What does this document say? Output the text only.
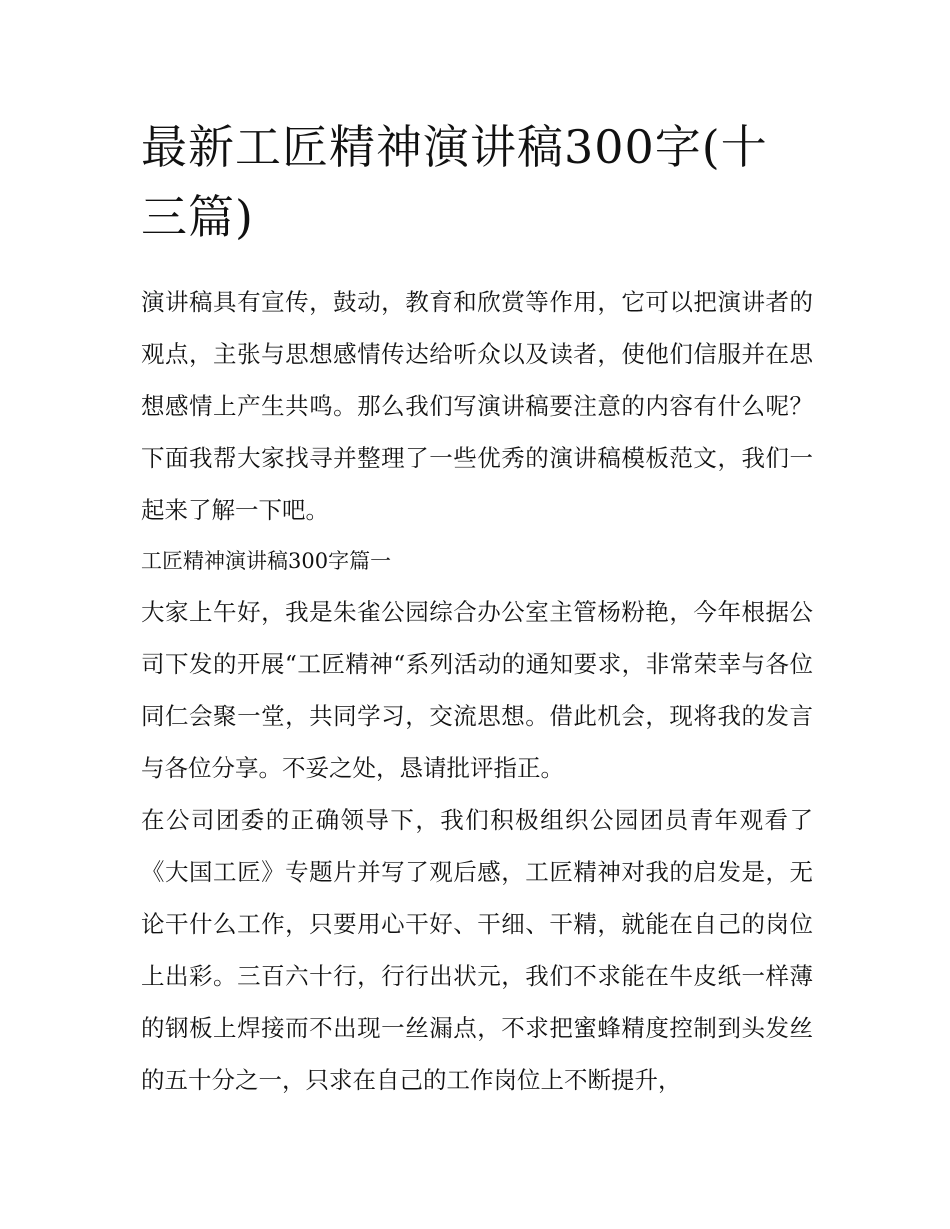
最新工匠精神演讲稿300字(十三篇)

演讲稿具有宣传，鼓动，教育和欣赏等作用，它可以把演讲者的观点，主张与思想感情传达给听众以及读者，使他们信服并在思想感情上产生共鸣。那么我们写演讲稿要注意的内容有什么呢？下面我帮大家找寻并整理了一些优秀的演讲稿模板范文，我们一起来了解一下吧。

工匠精神演讲稿300字篇一

大家上午好，我是朱雀公园综合办公室主管杨粉艳，今年根据公司下发的开展“工匠精神“系列活动的通知要求，非常荣幸与各位同仁会聚一堂，共同学习，交流思想。借此机会，现将我的发言与各位分享。不妥之处，恳请批评指正。

在公司团委的正确领导下，我们积极组织公园团员青年观看了《大国工匠》专题片并写了观后感，工匠精神对我的启发是，无论干什么工作，只要用心干好、干细、干精，就能在自己的岗位上出彩。三百六十行，行行出状元，我们不求能在牛皮纸一样薄的钢板上焊接而不出现一丝漏点，不求把蜜蜂精度控制到头发丝的五十分之一，只求在自己的工作岗位上不断提升，
